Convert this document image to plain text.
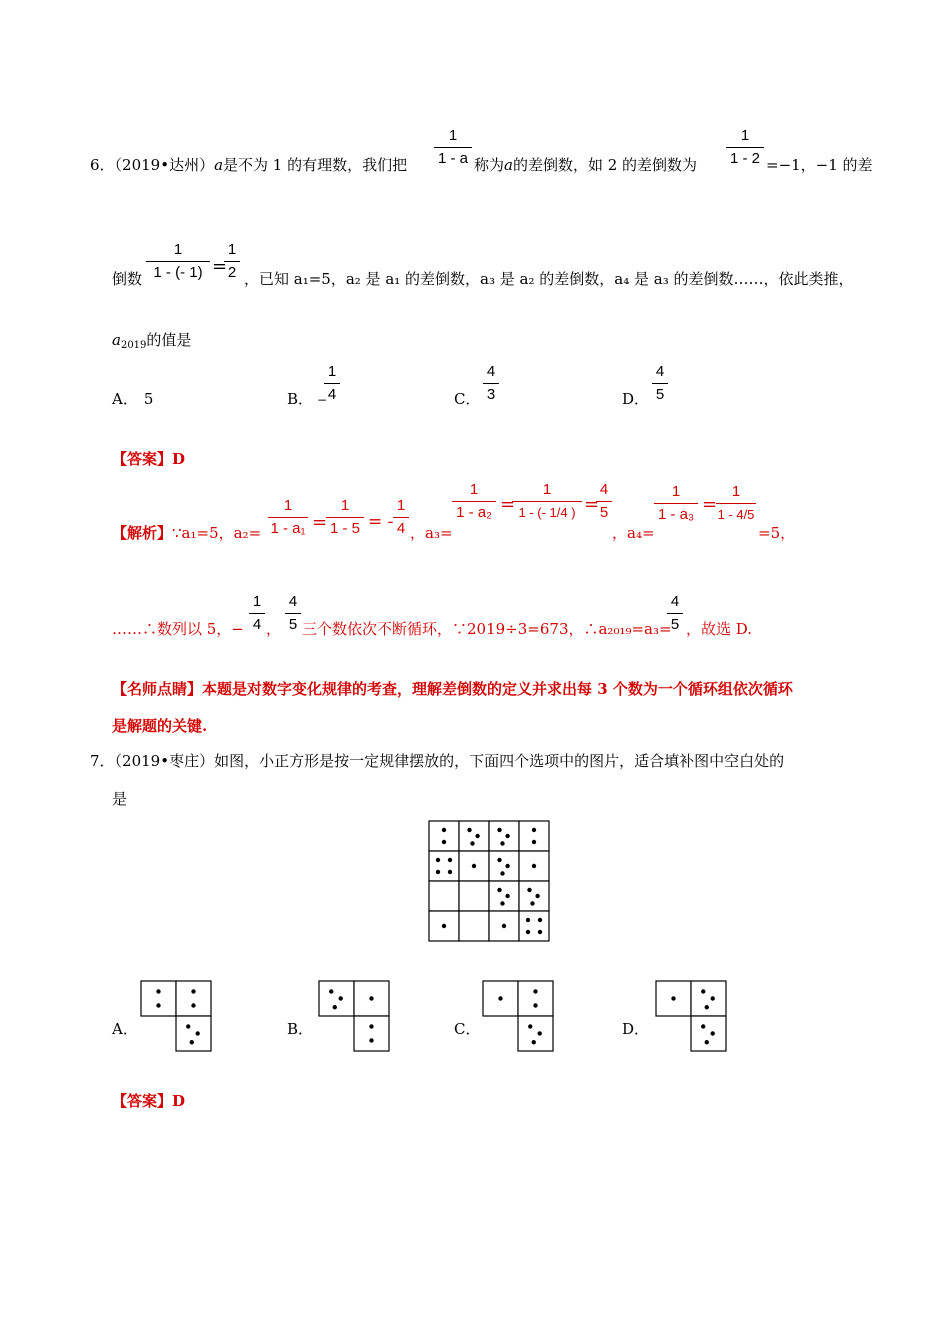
6．（2019•达州）a是不为 1 的有理数，我们把
1
1 - a 称为a的差倒数，如 2 的差倒数为
1
1 - 2 =−1，−1 的差
倒数
1
1 - (- 1) =
1
2 ，已知 a₁=5，a₂ 是 a₁ 的差倒数，a₃ 是 a₂ 的差倒数，a₄ 是 a₃ 的差倒数……，依此类推，
$a_{2019}$的值是
A． 5	B． −
1
4	C．
4
3	D．
4
5
【答案】D
【解析】∵a₁=5，a₂=
1
1 - a₁ =
1
1 - 5 = -
1
4 ，a₃=
1
1 - a₂ =
1
1 - (- 1/4 ) =
4
5
，a₄=
1
1 - a₃ =
1
1 - 4/5
=5，
……∴数列以 5，−
1
4 ，
4
5 三个数依次不断循环，∵2019÷3=673，∴a₂₀₁₉=a₃=
4
5 ，故选 D.
【名师点睛】本题是对数字变化规律的考查，理解差倒数的定义并求出每 3 个数为一个循环组依次循环
是解题的关键.
7．（2019•枣庄）如图，小正方形是按一定规律摆放的，下面四个选项中的图片，适合填补图中空白处的
是
A．	B．	C．	D．
【答案】D
